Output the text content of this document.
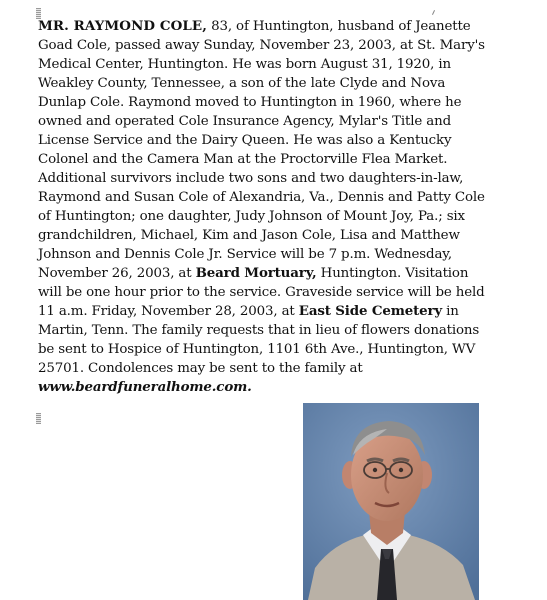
MR. RAYMOND COLE, 83, of Huntington, husband of Jeanette
Goad Cole, passed away Sunday, November 23, 2003, at St. Mary's
Medical Center, Huntington. He was born August 31, 1920, in
Weakley County, Tennessee, a son of the late Clyde and Nova
Dunlap Cole. Raymond moved to Huntington in 1960, where he
owned and operated Cole Insurance Agency, Mylar's Title and
License Service and the Dairy Queen. He was also a Kentucky
Colonel and the Camera Man at the Proctorville Flea Market.
Additional survivors include two sons and two daughters-in-law,
Raymond and Susan Cole of Alexandria, Va., Dennis and Patty Cole
of Huntington; one daughter, Judy Johnson of Mount Joy, Pa.; six
grandchildren, Michael, Kim and Jason Cole, Lisa and Matthew
Johnson and Dennis Cole Jr. Service will be 7 p.m. Wednesday,
November 26, 2003, at Beard Mortuary, Huntington. Visitation
will be one hour prior to the service. Graveside service will be held
11 a.m. Friday, November 28, 2003, at East Side Cemetery in
Martin, Tenn. The family requests that in lieu of flowers donations
be sent to Hospice of Huntington, 1101 6th Ave., Huntington, WV
25701. Condolences may be sent to the family at
www.beardfuneralhome.com.
